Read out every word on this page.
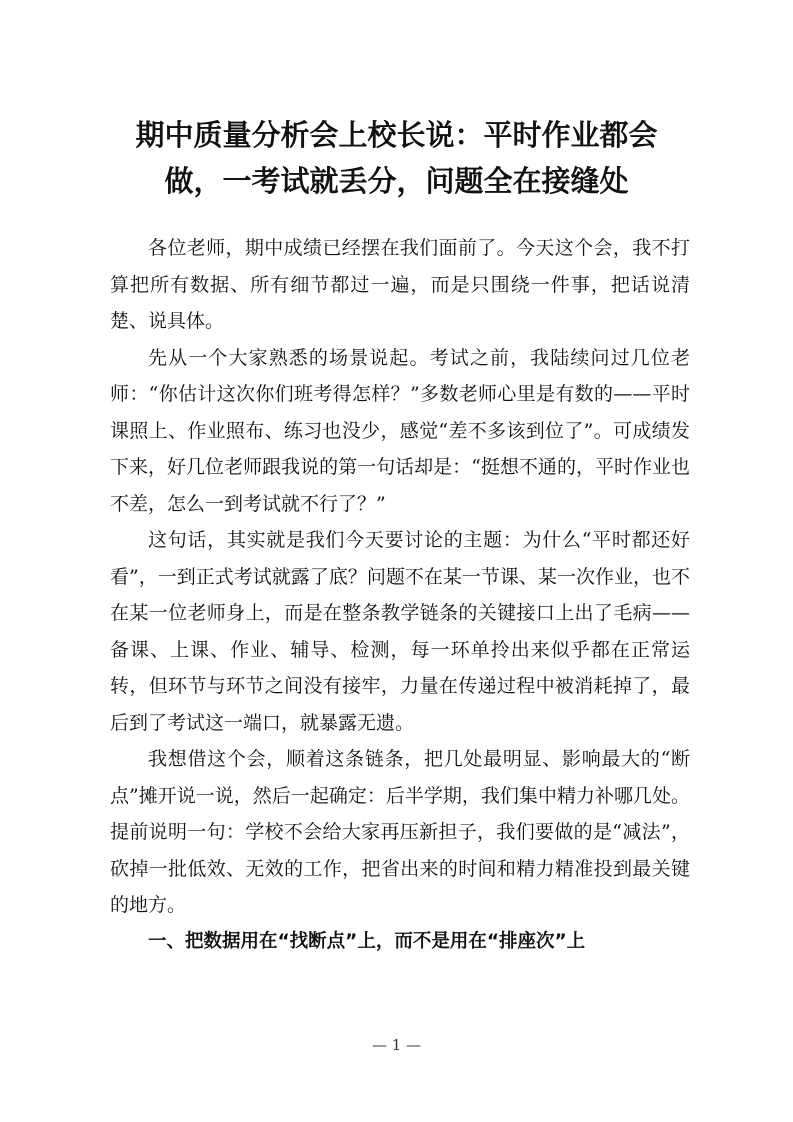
期中质量分析会上校长说：平时作业都会
做，一考试就丢分，问题全在接缝处

各位老师，期中成绩已经摆在我们面前了。今天这个会，我不打算把所有数据、所有细节都过一遍，而是只围绕一件事，把话说清楚、说具体。

先从一个大家熟悉的场景说起。考试之前，我陆续问过几位老师：“你估计这次你们班考得怎样？”多数老师心里是有数的——平时课照上、作业照布、练习也没少，感觉“差不多该到位了”。可成绩发下来，好几位老师跟我说的第一句话却是：“挺想不通的，平时作业也不差，怎么一到考试就不行了？”

这句话，其实就是我们今天要讨论的主题：为什么“平时都还好看”，一到正式考试就露了底？问题不在某一节课、某一次作业，也不在某一位老师身上，而是在整条教学链条的关键接口上出了毛病——备课、上课、作业、辅导、检测，每一环单拎出来似乎都在正常运转，但环节与环节之间没有接牢，力量在传递过程中被消耗掉了，最后到了考试这一端口，就暴露无遗。

我想借这个会，顺着这条链条，把几处最明显、影响最大的“断点”摊开说一说，然后一起确定：后半学期，我们集中精力补哪几处。提前说明一句：学校不会给大家再压新担子，我们要做的是“减法”，砍掉一批低效、无效的工作，把省出来的时间和精力精准投到最关键的地方。

一、把数据用在“找断点”上，而不是用在“排座次”上

— 1 —
